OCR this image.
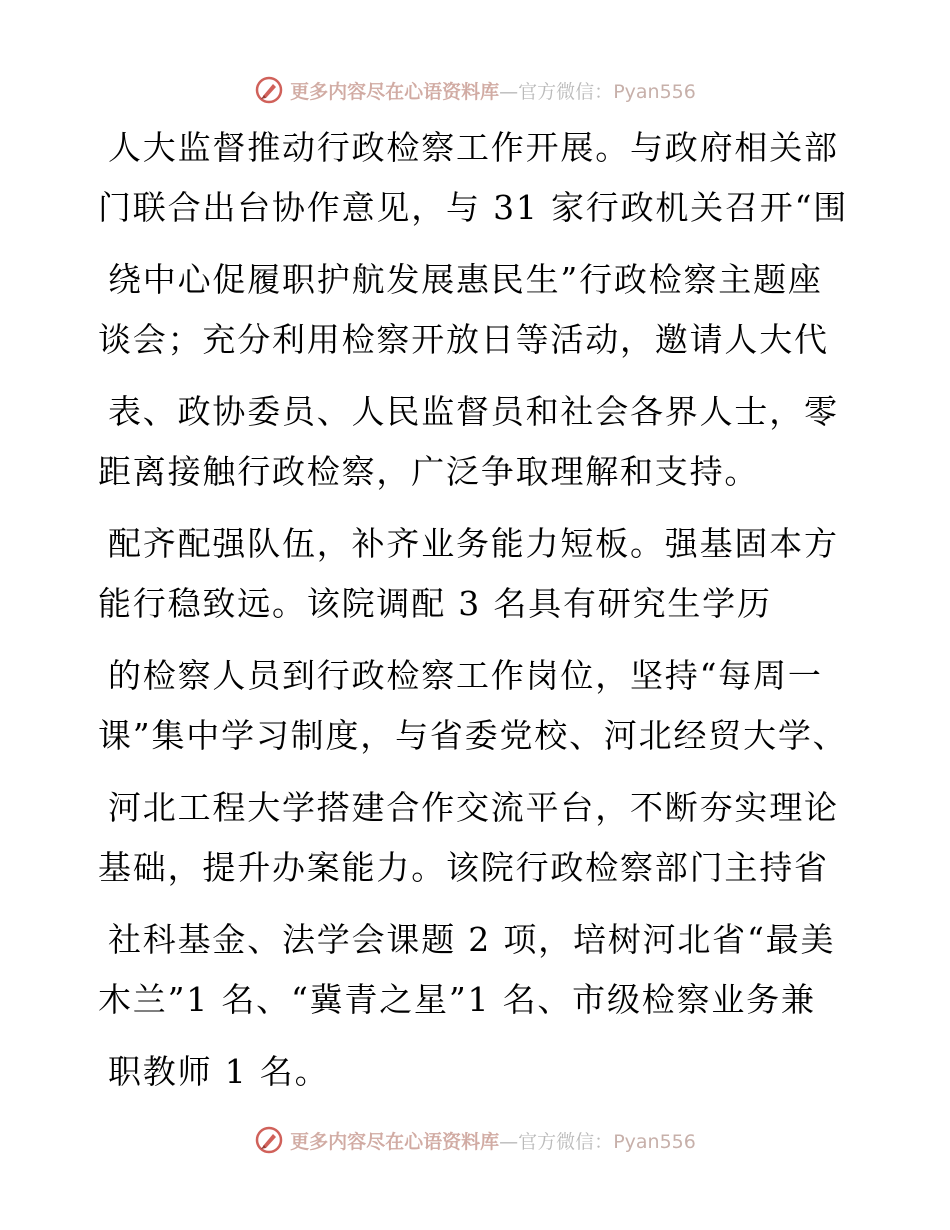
更多内容尽在心语资料库—官方微信：Pyan556
人大监督推动行政检察工作开展。与政府相关部
门联合出台协作意见，与 31 家行政机关召开“围
绕中心促履职护航发展惠民生”行政检察主题座
谈会；充分利用检察开放日等活动，邀请人大代
表、政协委员、人民监督员和社会各界人士，零
距离接触行政检察，广泛争取理解和支持。
配齐配强队伍，补齐业务能力短板。强基固本方
能行稳致远。该院调配 3 名具有研究生学历
的检察人员到行政检察工作岗位，坚持“每周一
课”集中学习制度，与省委党校、河北经贸大学、
河北工程大学搭建合作交流平台，不断夯实理论
基础，提升办案能力。该院行政检察部门主持省
社科基金、法学会课题 2 项，培树河北省“最美
木兰”1 名、“冀青之星”1 名、市级检察业务兼
职教师 1 名。
更多内容尽在心语资料库—官方微信：Pyan556
